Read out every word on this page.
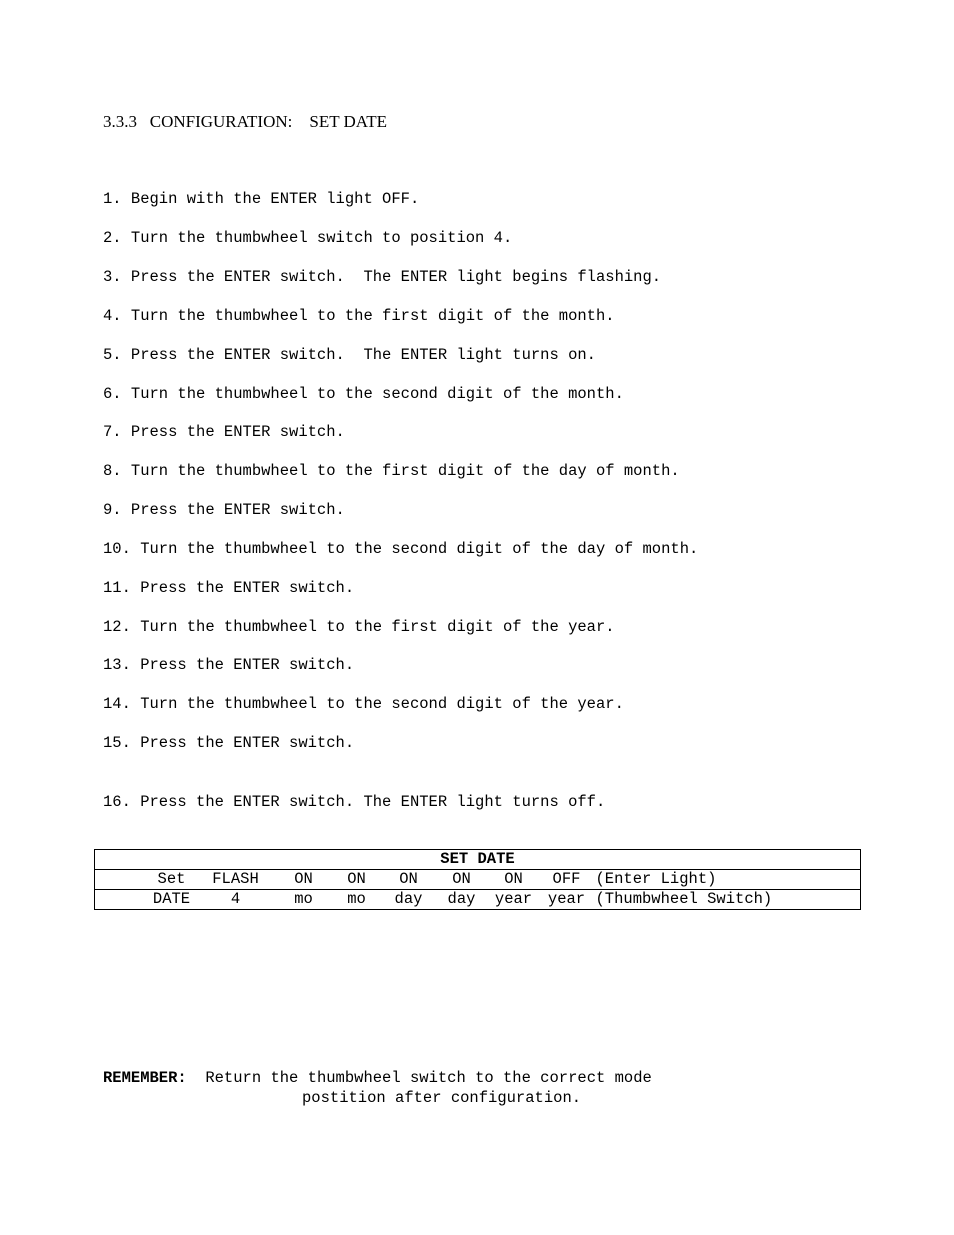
3.3.3   CONFIGURATION:    SET DATE
1. Begin with the ENTER light OFF.
2. Turn the thumbwheel switch to position 4.
3. Press the ENTER switch.  The ENTER light begins flashing.
4. Turn the thumbwheel to the first digit of the month.
5. Press the ENTER switch.  The ENTER light turns on.
6. Turn the thumbwheel to the second digit of the month.
7. Press the ENTER switch.
8. Turn the thumbwheel to the first digit of the day of month.
9. Press the ENTER switch.
10. Turn the thumbwheel to the second digit of the day of month.
11. Press the ENTER switch.
12. Turn the thumbwheel to the first digit of the year.
13. Press the ENTER switch.
14. Turn the thumbwheel to the second digit of the year.
15. Press the ENTER switch.
16. Press the ENTER switch. The ENTER light turns off.
SET DATE									
	Set	FLASH	ON	ON	ON	ON	ON	OFF	(Enter Light)
	DATE	4	mo	mo	day	day	year	year	(Thumbwheel Switch)
REMEMBER: Return the thumbwheel switch to the correct mode
postition after configuration.
